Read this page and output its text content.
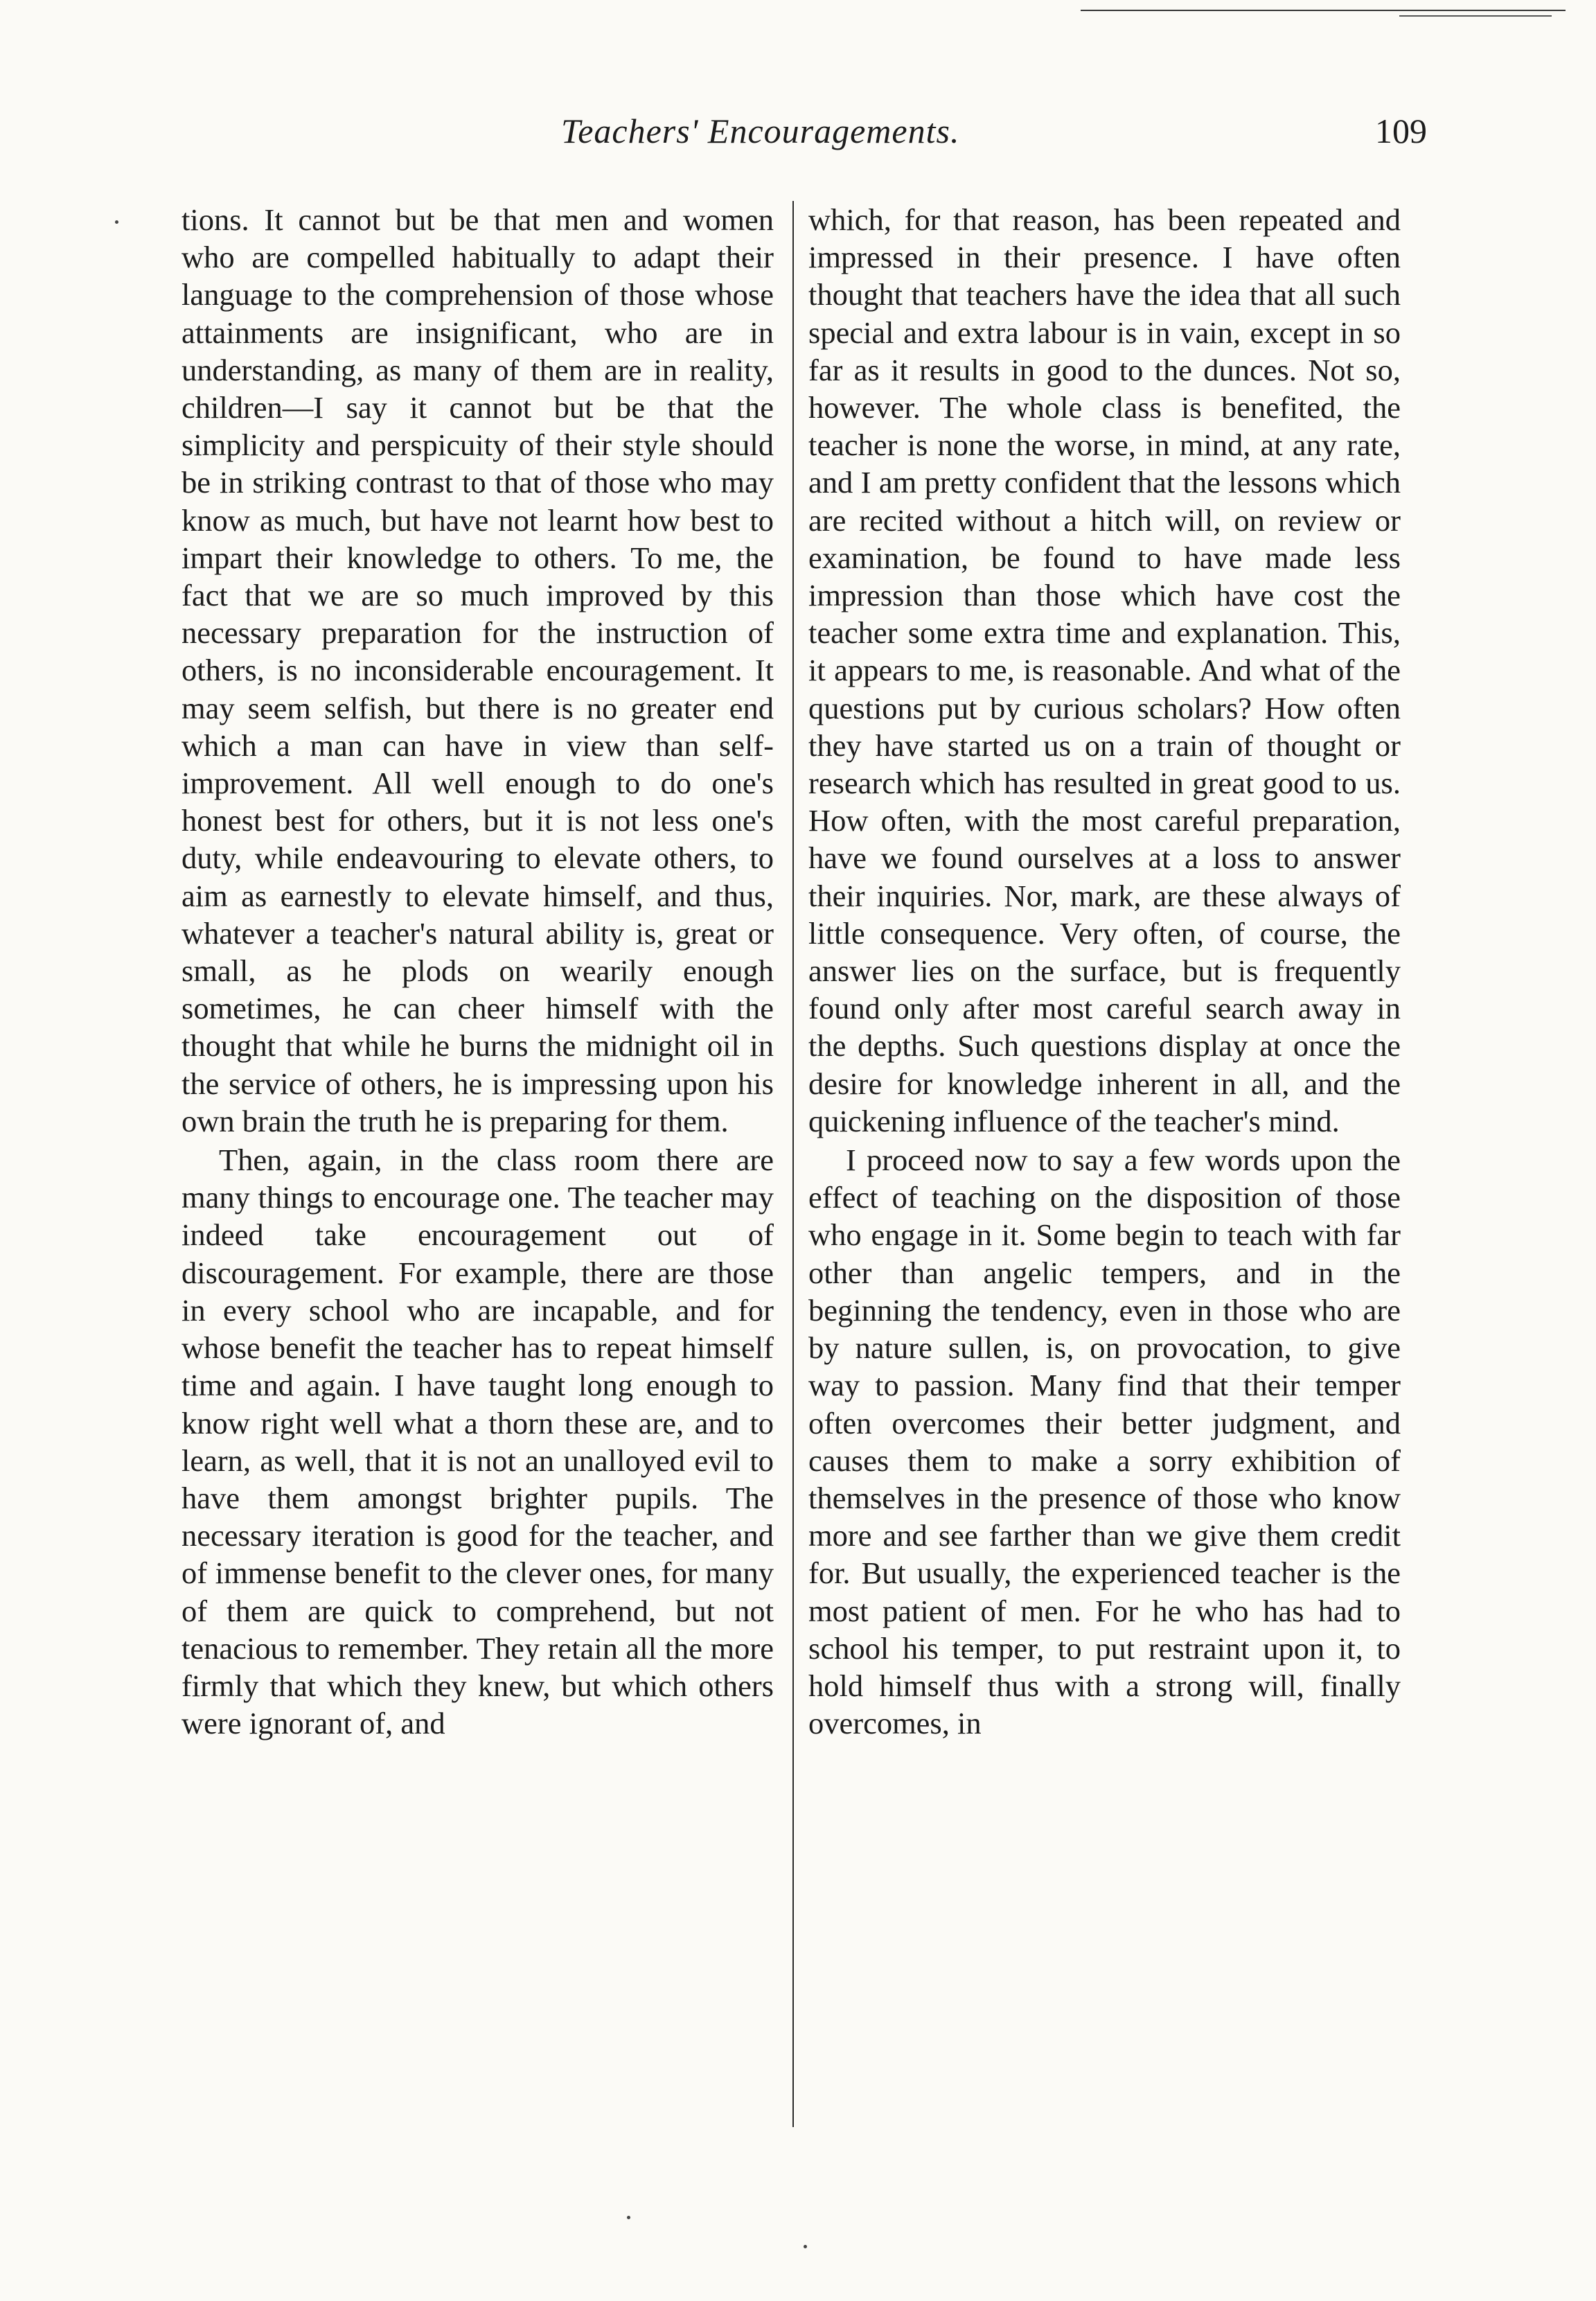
Teachers' Encouragements.	109

tions. It cannot but be that men and women who are compelled habitually to adapt their language to the comprehension of those whose attainments are insignificant, who are in understanding, as many of them are in reality, children—I say it cannot but be that the simplicity and perspicuity of their style should be in striking contrast to that of those who may know as much, but have not learnt how best to impart their knowledge to others. To me, the fact that we are so much improved by this necessary preparation for the instruction of others, is no inconsiderable encouragement. It may seem selfish, but there is no greater end which a man can have in view than self-improvement. All well enough to do one's honest best for others, but it is not less one's duty, while endeavouring to elevate others, to aim as earnestly to elevate himself, and thus, whatever a teacher's natural ability is, great or small, as he plods on wearily enough sometimes, he can cheer himself with the thought that while he burns the midnight oil in the service of others, he is impressing upon his own brain the truth he is preparing for them.

Then, again, in the class room there are many things to encourage one. The teacher may indeed take encouragement out of discouragement. For example, there are those in every school who are incapable, and for whose benefit the teacher has to repeat himself time and again. I have taught long enough to know right well what a thorn these are, and to learn, as well, that it is not an unalloyed evil to have them amongst brighter pupils. The necessary iteration is good for the teacher, and of immense benefit to the clever ones, for many of them are quick to comprehend, but not tenacious to remember. They retain all the more firmly that which they knew, but which others were ignorant of, and

which, for that reason, has been repeated and impressed in their presence. I have often thought that teachers have the idea that all such special and extra labour is in vain, except in so far as it results in good to the dunces. Not so, however. The whole class is benefited, the teacher is none the worse, in mind, at any rate, and I am pretty confident that the lessons which are recited without a hitch will, on review or examination, be found to have made less impression than those which have cost the teacher some extra time and explanation. This, it appears to me, is reasonable. And what of the questions put by curious scholars? How often they have started us on a train of thought or research which has resulted in great good to us. How often, with the most careful preparation, have we found ourselves at a loss to answer their inquiries. Nor, mark, are these always of little consequence. Very often, of course, the answer lies on the surface, but is frequently found only after most careful search away in the depths. Such questions display at once the desire for knowledge inherent in all, and the quickening influence of the teacher's mind.

I proceed now to say a few words upon the effect of teaching on the disposition of those who engage in it. Some begin to teach with far other than angelic tempers, and in the beginning the tendency, even in those who are by nature sullen, is, on provocation, to give way to passion. Many find that their temper often overcomes their better judgment, and causes them to make a sorry exhibition of themselves in the presence of those who know more and see farther than we give them credit for. But usually, the experienced teacher is the most patient of men. For he who has had to school his temper, to put restraint upon it, to hold himself thus with a strong will, finally overcomes, in
